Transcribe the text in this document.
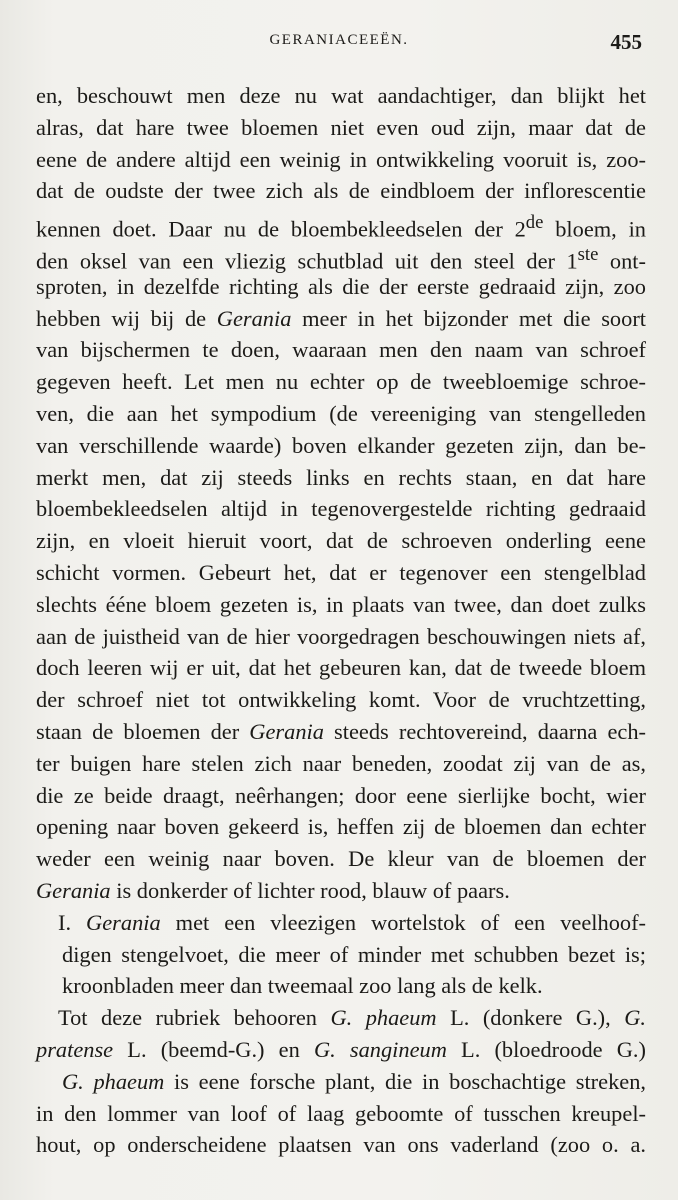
GERANIACEEËN.	455
en, beschouwt men deze nu wat aandachtiger, dan blijkt het
alras, dat hare twee bloemen niet even oud zijn, maar dat de
eene de andere altijd een weinig in ontwikkeling vooruit is, zoo-
dat de oudste der twee zich als de eindbloem der inflorescentie
kennen doet. Daar nu de bloembekleedselen der 2de bloem, in
den oksel van een vliezig schutblad uit den steel der 1ste ont-
sproten, in dezelfde richting als die der eerste gedraaid zijn, zoo
hebben wij bij de Gerania meer in het bijzonder met die soort
van bijschermen te doen, waaraan men den naam van schroef
gegeven heeft. Let men nu echter op de tweebloemige schroe-
ven, die aan het sympodium (de vereeniging van stengelleden
van verschillende waarde) boven elkander gezeten zijn, dan be-
merkt men, dat zij steeds links en rechts staan, en dat hare
bloembekleedselen altijd in tegenovergestelde richting gedraaid
zijn, en vloeit hieruit voort, dat de schroeven onderling eene
schicht vormen. Gebeurt het, dat er tegenover een stengelblad
slechts ééne bloem gezeten is, in plaats van twee, dan doet zulks
aan de juistheid van de hier voorgedragen beschouwingen niets af,
doch leeren wij er uit, dat het gebeuren kan, dat de tweede bloem
der schroef niet tot ontwikkeling komt. Voor de vruchtzetting,
staan de bloemen der Gerania steeds rechtovereind, daarna ech-
ter buigen hare stelen zich naar beneden, zoodat zij van de as,
die ze beide draagt, neêrhangen; door eene sierlijke bocht, wier
opening naar boven gekeerd is, heffen zij de bloemen dan echter
weder een weinig naar boven. De kleur van de bloemen der
Gerania is donkerder of lichter rood, blauw of paars.
I. Gerania met een vleezigen wortelstok of een veelhoof-
digen stengelvoet, die meer of minder met schubben bezet is;
kroonbladen meer dan tweemaal zoo lang als de kelk.
Tot deze rubriek behooren G. phaeum L. (donkere G.), G.
pratense L. (beemd-G.) en G. sangineum L. (bloedroode G.)
G. phaeum is eene forsche plant, die in boschachtige streken,
in den lommer van loof of laag geboomte of tusschen kreupel-
hout, op onderscheidene plaatsen van ons vaderland (zoo o. a.
